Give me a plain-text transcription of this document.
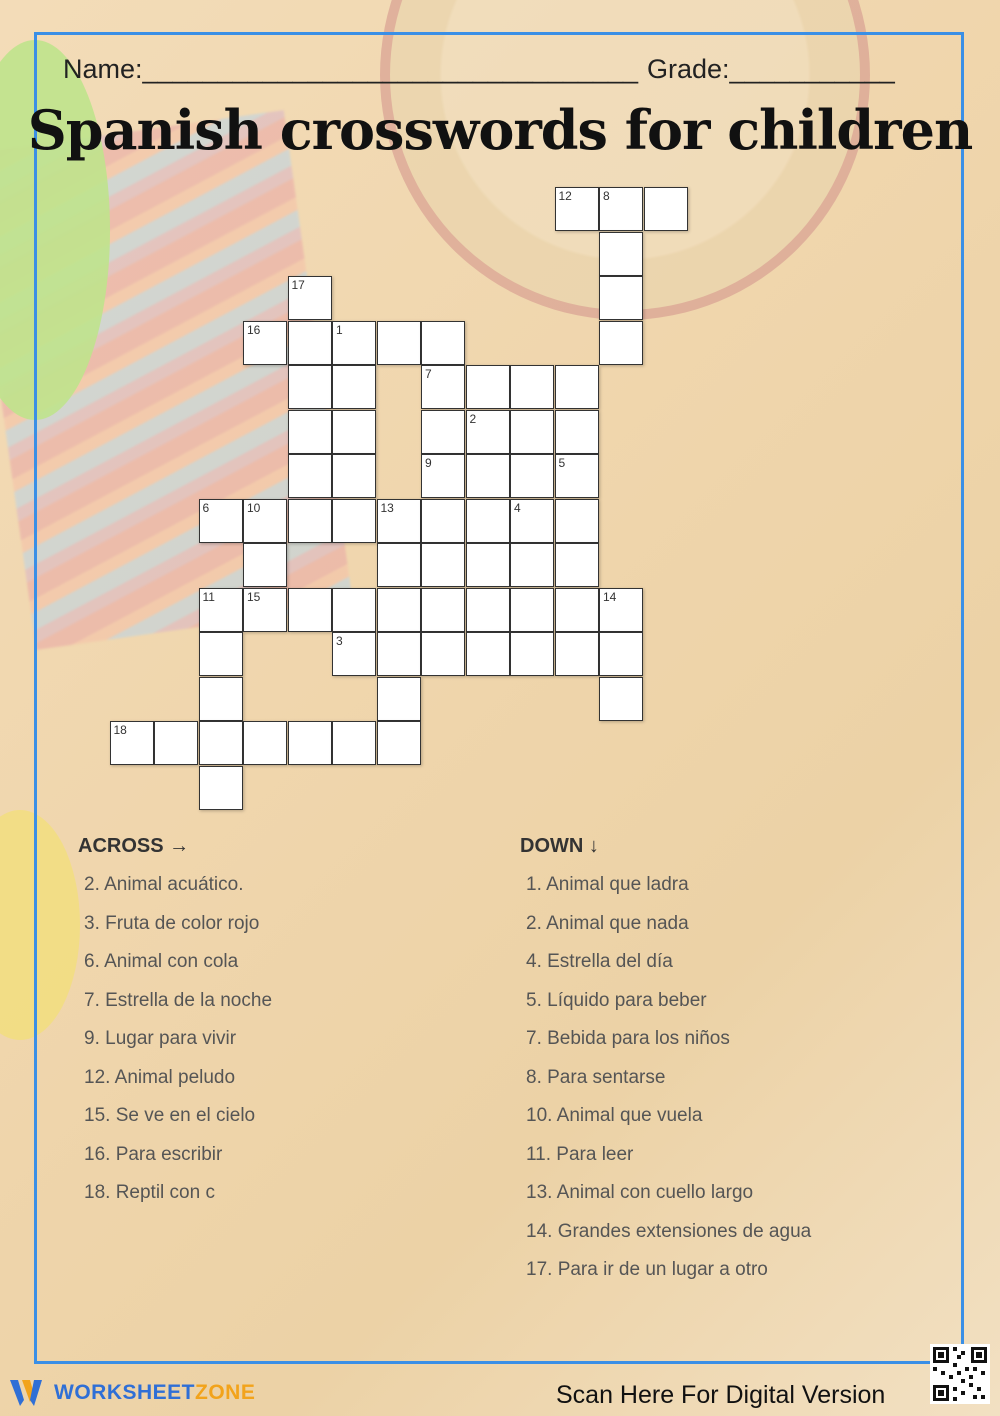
Name:_________________________________ Grade:___________
Spanish crosswords for children
12	8
17
16	1
7
2
9	5
6	10	13	4
11	15	14
3
18
ACROSS →	DOWN ↓
2. Animal acuático.
3. Fruta de color rojo
6. Animal con cola
7. Estrella de la noche
9. Lugar para vivir
12. Animal peludo
15. Se ve en el cielo
16. Para escribir
18. Reptil con c
1. Animal que ladra
2. Animal que nada
4. Estrella del día
5. Líquido para beber
7. Bebida para los niños
8. Para sentarse
10. Animal que vuela
11. Para leer
13. Animal con cuello largo
14. Grandes extensiones de agua
17. Para ir de un lugar a otro
WORKSHEETZONE	Scan Here For Digital Version
